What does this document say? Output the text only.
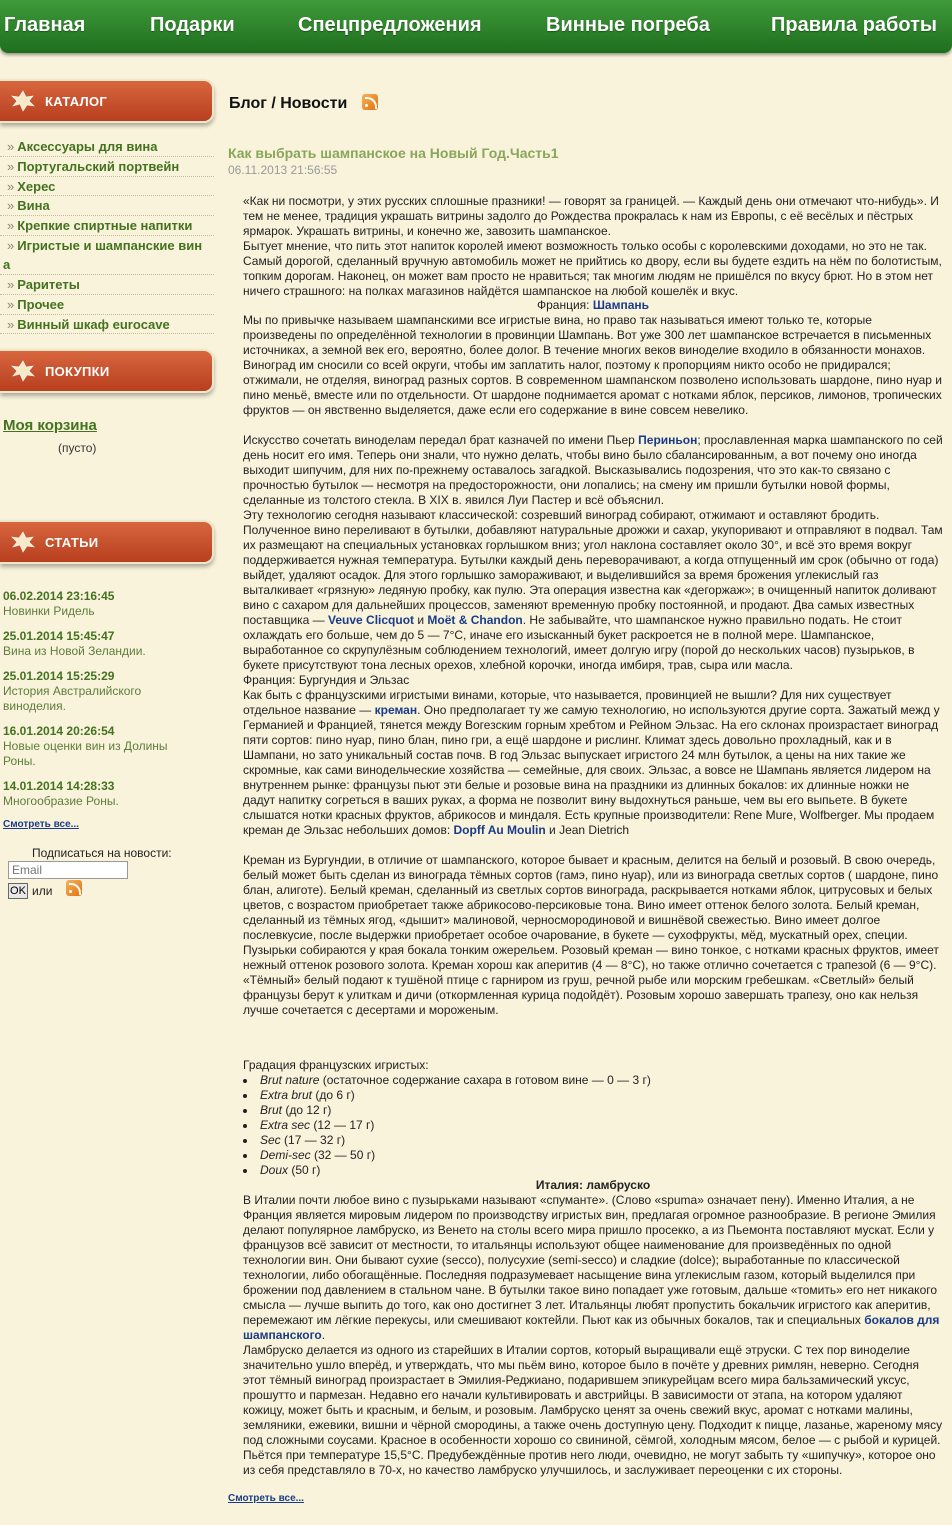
Главная	Подарки	Спецпредложения	Винные погреба	Правила работы
КАТАЛОГ
» Аксессуары для вина
» Португальский портвейн
» Херес
» Вина
» Крепкие спиртные напитки
» Игристые и шампанские вин
а
» Раритеты
» Прочее
» Винный шкаф eurocave
ПОКУПКИ
Моя корзина
(пусто)
СТАТЬИ
06.02.2014 23:16:45
Новинки Ридель
25.01.2014 15:45:47
Вина из Новой Зеландии.
25.01.2014 15:25:29
История Австралийского виноделия.
16.01.2014 20:26:54
Новые оценки вин из Долины Роны.
14.01.2014 14:28:33
Многообразие Роны.
Смотреть все...
Подписаться на новости:
Email
OK или
Блог / Новости
Как выбрать шампанское на Новый Год.Часть1
06.11.2013 21:56:55
«Как ни посмотри, у этих русских сплошные празники! — говорят за границей. — Каждый день они отмечают что-нибудь». И тем не менее, традиция украшать витрины задолго до Рождества прокралась к нам из Европы, с её весёлых и пёстрых ярмарок. Украшать витрины, и конечно же, завозить шампанское.
Бытует мнение, что пить этот напиток королей имеют возможность только особы с королевскими доходами, но это не так. Самый дорогой, сделанный вручную автомобиль может не прийтись ко двору, если вы будете ездить на нём по болотистым, топким дорогам. Наконец, он может вам просто не нравиться; так многим людям не пришёлся по вкусу брют. Но в этом нет ничего страшного: на полках магазинов найдётся шампанское на любой кошелёк и вкус.
Франция: Шампань
Мы по привычке называем шампанскими все игристые вина, но право так называться имеют только те, которые произведены по определённой технологии в провинции Шампань. Вот уже 300 лет шампанское встречается в письменных источниках, а земной век его, вероятно, более долог. В течение многих веков виноделие входило в обязанности монахов. Виноград им сносили со всей округи, чтобы им заплатить налог, поэтому к пропорциям никто особо не придирался; отжимали, не отделяя, виноград разных сортов. В современном шампанском позволено использовать шардоне, пино нуар и пино меньё, вместе или по отдельности. От шардоне поднимается аромат с нотками яблок, персиков, лимонов, тропических фруктов — он явственно выделяется, даже если его содержание в вине совсем невелико.
Искусство сочетать виноделам передал брат казначей по имени Пьер Периньон; прославленная марка шампанского по сей день носит его имя. Теперь они знали, что нужно делать, чтобы вино было сбалансированным, а вот почему оно иногда выходит шипучим, для них по-прежнему оставалось загадкой. Высказывались подозрения, что это как-то связано с прочностью бутылок — несмотря на предосторожности, они лопались; на смену им пришли бутылки новой формы, сделанные из толстого стекла. В XIX в. явился Луи Пастер и всё объяснил.
Эту технологию сегодня называют классической: созревший виноград собирают, отжимают и оставляют бродить. Полученное вино переливают в бутылки, добавляют натуральные дрожжи и сахар, укупоривают и отправляют в подвал. Там их размещают на специальных установках горлышком вниз; угол наклона составляет около 30°, и всё это время вокруг поддерживается нужная температура. Бутылки каждый день переворачивают, а когда отпущенный им срок (обычно от года) выйдет, удаляют осадок. Для этого горлышко замораживают, и выделившийся за время брожения углекислый газ выталкивает «грязную» ледяную пробку, как пулю. Эта операция известна как «дегоржаж»; в очищенный напиток доливают вино с сахаром для дальнейших процессов, заменяют временную пробку постоянной, и продают. Два самых известных поставщика — Veuve Clicquot и Moët & Chandon. Не забывайте, что шампанское нужно правильно подать. Не стоит охлаждать его больше, чем до 5 — 7°С, иначе его изысканный букет раскроется не в полной мере. Шампанское, выработанное со скрупулёзным соблюдением технологий, имеет долгую игру (порой до нескольких часов) пузырьков, в букете присутствуют тона лесных орехов, хлебной корочки, иногда имбиря, трав, сыра или масла.
Франция: Бургундия и Эльзас
Как быть с французскими игристыми винами, которые, что называется, провинцией не вышли? Для них существует отдельное название — креман. Оно предполагает ту же самую технологию, но используются другие сорта. Зажатый межд у Германией и Францией, тянется между Вогезским горным хребтом и Рейном Эльзас. На его склонах произрастает виноград пяти сортов: пино нуар, пино блан, пино гри, а ещё шардоне и рислинг. Климат здесь довольно прохладный, как и в Шампани, но зато уникальный состав почв. В год Эльзас выпускает игристого 24 млн бутылок, а цены на них такие же скромные, как сами винодельческие хозяйства — семейные, для своих. Эльзас, а вовсе не Шампань является лидером на внутреннем рынке: французы пьют эти белые и розовые вина на праздники из длинных бокалов: их длинные ножки не дадут напитку согреться в ваших руках, а форма не позволит вину выдохнуться раньше, чем вы его выпьете. В букете слышатся нотки красных фруктов, абрикосов и миндаля. Есть крупные производители: Rene Mure, Wolfberger. Мы продаем креман де Эльзас небольших домов: Dopff Au Moulin и Jean Dietrich
Креман из Бургундии, в отличие от шампанского, которое бывает и красным, делится на белый и розовый. В свою очередь, белый может быть сделан из винограда тёмных сортов (гамэ, пино нуар), или из винограда светлых сортов ( шардоне, пино блан, алиготе). Белый креман, сделанный из светлых сортов винограда, раскрывается нотками яблок, цитрусовых и белых цветов, с возрастом приобретает также абрикосово-персиковые тона. Вино имеет оттенок белого золота. Белый креман, сделанный из тёмных ягод, «дышит» малиновой, черносмородиновой и вишнёвой свежестью. Вино имеет долгое послевкусие, после выдержки приобретает особое очарование, в букете — сухофрукты, мёд, мускатный орех, специи. Пузырьки собираются у края бокала тонким ожерельем. Розовый креман — вино тонкое, с нотками красных фруктов, имеет нежный оттенок розового золота. Креман хорош как аперитив (4 — 8°С), но также отлично сочетается с трапезой (6 — 9°С). «Тёмный» белый подают к тушёной птице с гарниром из груш, речной рыбе или морским гребешкам. «Светлый» белый французы берут к улиткам и дичи (откормленная курица подойдёт). Розовым хорошо завершать трапезу, оно как нельзя лучше сочетается с десертами и мороженым.
Градация французских игристых:
• Brut nature (остаточное содержание сахара в готовом вине — 0 — 3 г)
• Extra brut (до 6 г)
• Brut (до 12 г)
• Extra sec (12 — 17 г)
• Sec (17 — 32 г)
• Demi-sec (32 — 50 г)
• Doux (50 г)
Италия: ламбруско
В Италии почти любое вино с пузырьками называют «спуманте». (Слово «spuma» означает пену). Именно Италия, а не Франция является мировым лидером по производству игристых вин, предлагая огромное разнообразие. В регионе Эмилия делают популярное ламбруско, из Венето на столы всего мира пришло просекко, а из Пьемонта поставляют мускат. Если у французов всё зависит от местности, то итальянцы используют общее наименование для произведённых по одной технологии вин. Они бывают сухие (secco), полусухие (semi-secco) и сладкие (dolce); выработанные по классической технологии, либо обогащённые. Последняя подразумевает насыщение вина углекислым газом, который выделился при брожении под давлением в стальном чане. В бутылки такое вино попадает уже готовым, дальше «томить» его нет никакого смысла — лучше выпить до того, как оно достигнет 3 лет. Итальянцы любят пропустить бокальчик игристого как аперитив, перемежают им лёгкие перекусы, или смешивают коктейли. Пьют как из обычных бокалов, так и специальных бокалов для шампанского.
Ламбруско делается из одного из старейших в Италии сортов, который выращивали ещё этруски. С тех пор виноделие значительно ушло вперёд, и утверждать, что мы пьём вино, которое было в почёте у древних римлян, неверно. Сегодня этот тёмный виноград произрастает в Эмилия-Реджиано, подарившем эпикурейцам всего мира бальзамический уксус, прошутто и пармезан. Недавно его начали культивировать и австрийцы. В зависимости от этапа, на котором удаляют кожицу, может быть и красным, и белым, и розовым. Ламбруско ценят за очень свежий вкус, аромат с нотками малины, земляники, ежевики, вишни и чёрной смородины, а также очень доступную цену. Подходит к пицце, лазанье, жареному мясу под сложными соусами. Красное в особенности хорошо со свининой, сёмгой, холодным мясом, белое — с рыбой и курицей. Пьётся при температуре 15,5°С. Предубеждённые против него люди, очевидно, не могут забыть ту «шипучку», которое оно из себя представляло в 70-х, но качество ламбруско улучшилось, и заслуживает переоценки с их стороны.
Смотреть все...
